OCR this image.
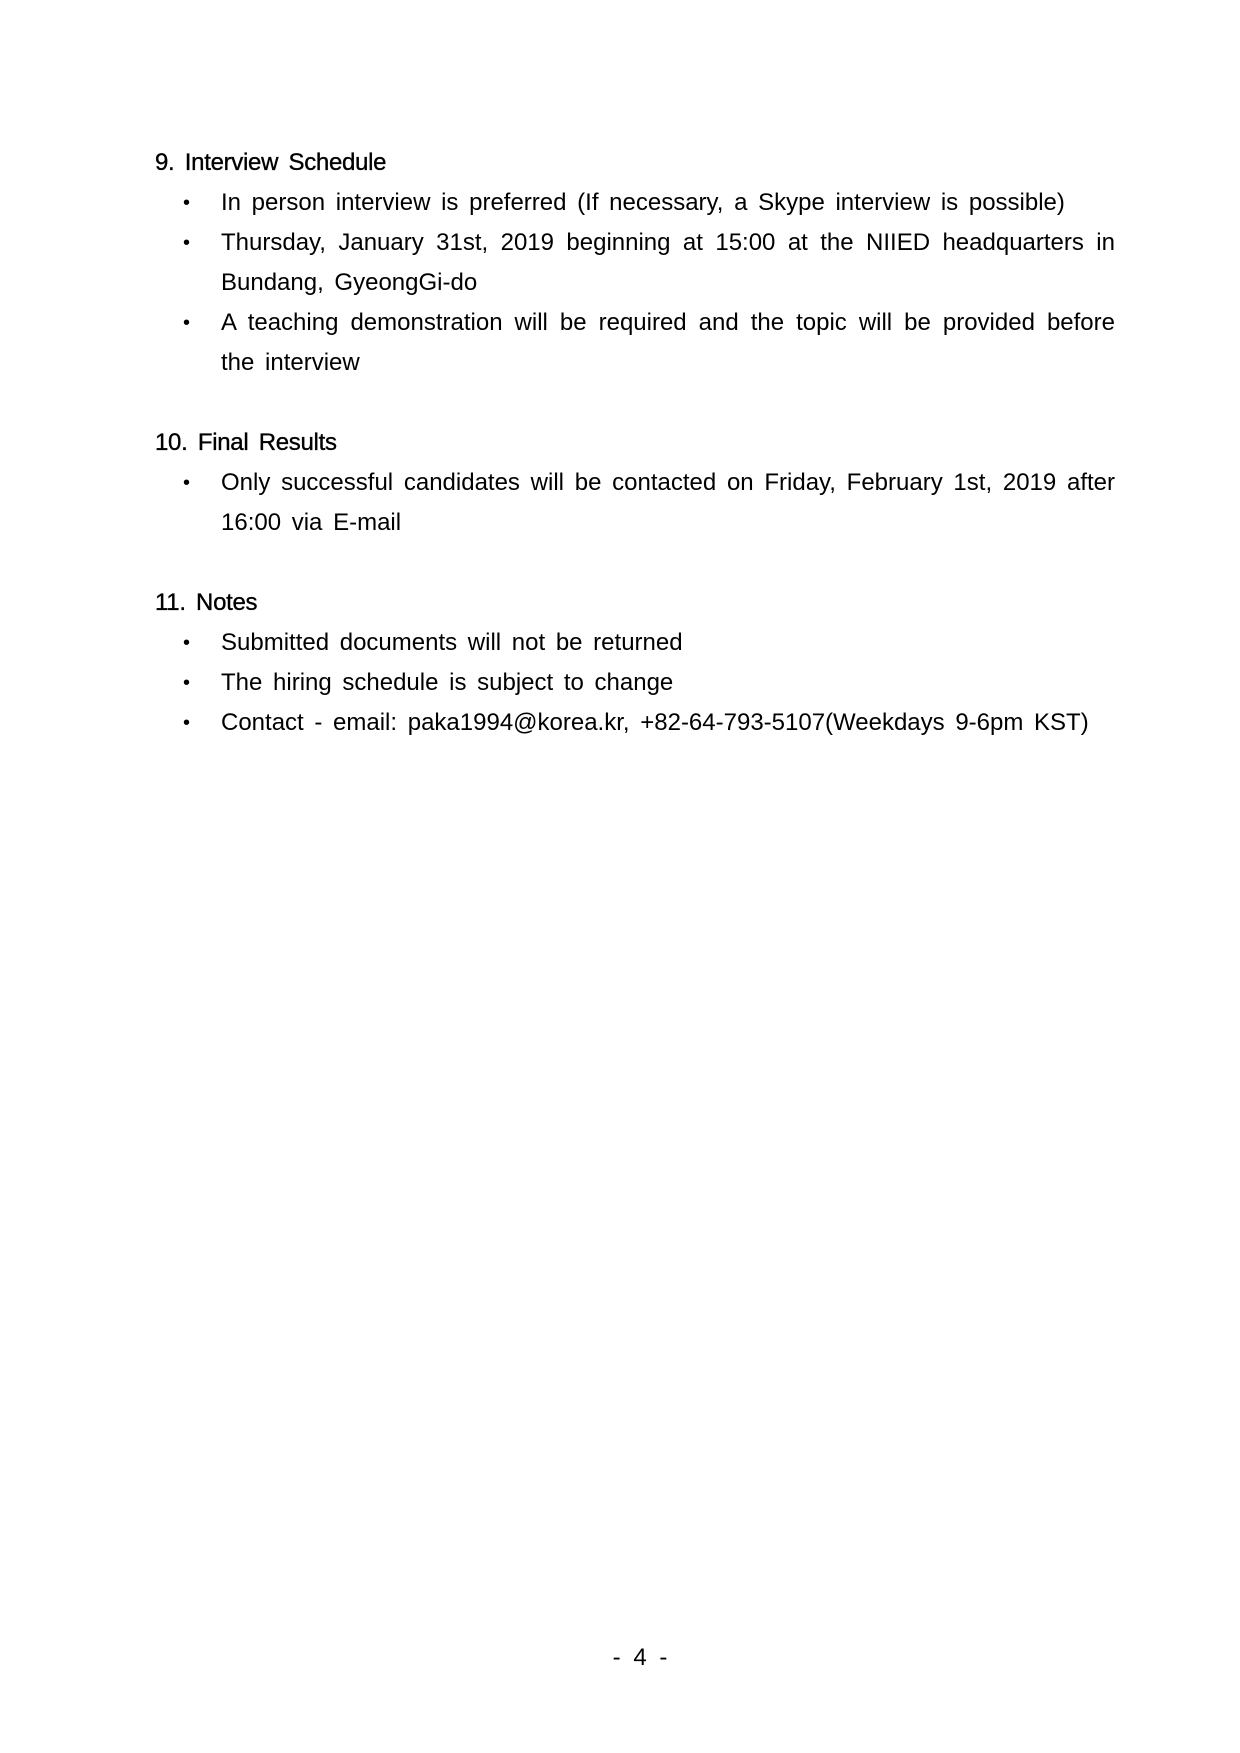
9. Interview Schedule
• In person interview is preferred (If necessary, a Skype interview is possible)
• Thursday, January 31st, 2019 beginning at 15:00 at the NIIED headquarters in Bundang, GyeongGi-do
• A teaching demonstration will be required and the topic will be provided before the interview
10. Final Results
• Only successful candidates will be contacted on Friday, February 1st, 2019 after 16:00 via E-mail
11. Notes
• Submitted documents will not be returned
• The hiring schedule is subject to change
• Contact - email: paka1994@korea.kr, +82-64-793-5107(Weekdays 9-6pm KST)
- 4 -
